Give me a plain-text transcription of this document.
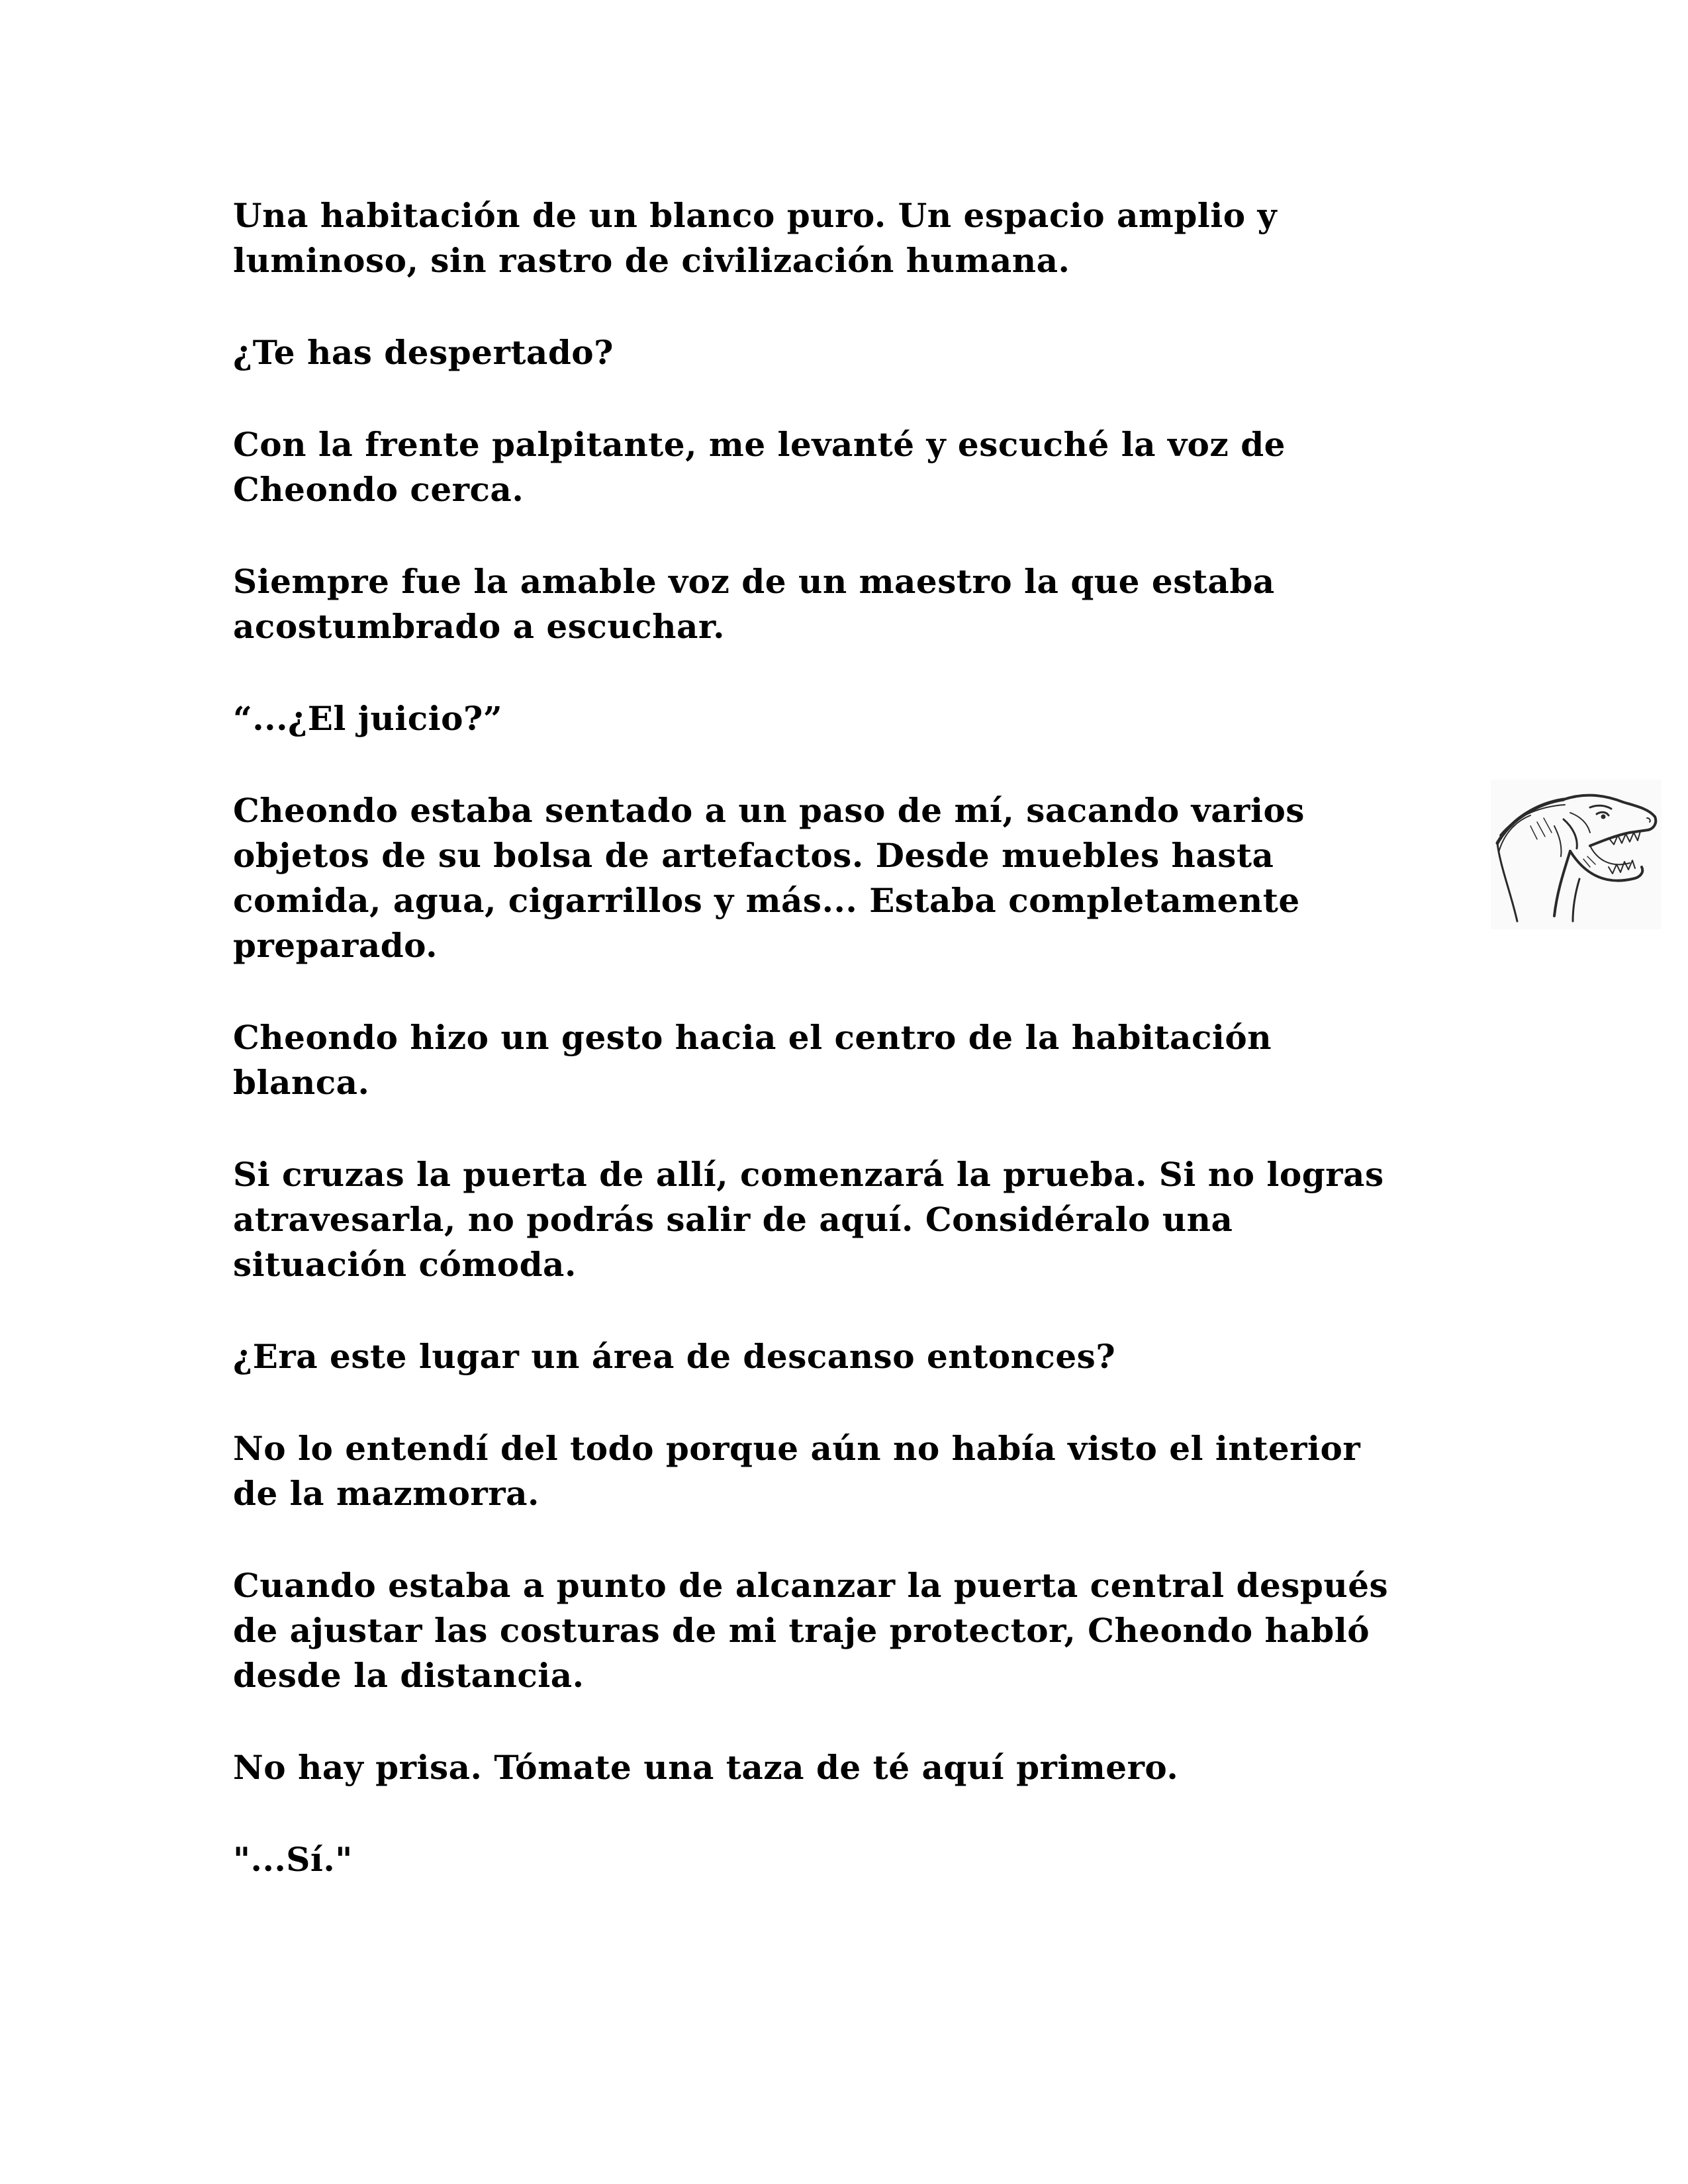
Una habitación de un blanco puro. Un espacio amplio y
luminoso, sin rastro de civilización humana.

¿Te has despertado?

Con la frente palpitante, me levanté y escuché la voz de
Cheondo cerca.

Siempre fue la amable voz de un maestro la que estaba
acostumbrado a escuchar.

“...¿El juicio?”

Cheondo estaba sentado a un paso de mí, sacando varios
objetos de su bolsa de artefactos. Desde muebles hasta
comida, agua, cigarrillos y más... Estaba completamente
preparado.

Cheondo hizo un gesto hacia el centro de la habitación
blanca.

Si cruzas la puerta de allí, comenzará la prueba. Si no logras
atravesarla, no podrás salir de aquí. Considéralo una
situación cómoda.

¿Era este lugar un área de descanso entonces?

No lo entendí del todo porque aún no había visto el interior
de la mazmorra.

Cuando estaba a punto de alcanzar la puerta central después
de ajustar las costuras de mi traje protector, Cheondo habló
desde la distancia.

No hay prisa. Tómate una taza de té aquí primero.

"...Sí."
